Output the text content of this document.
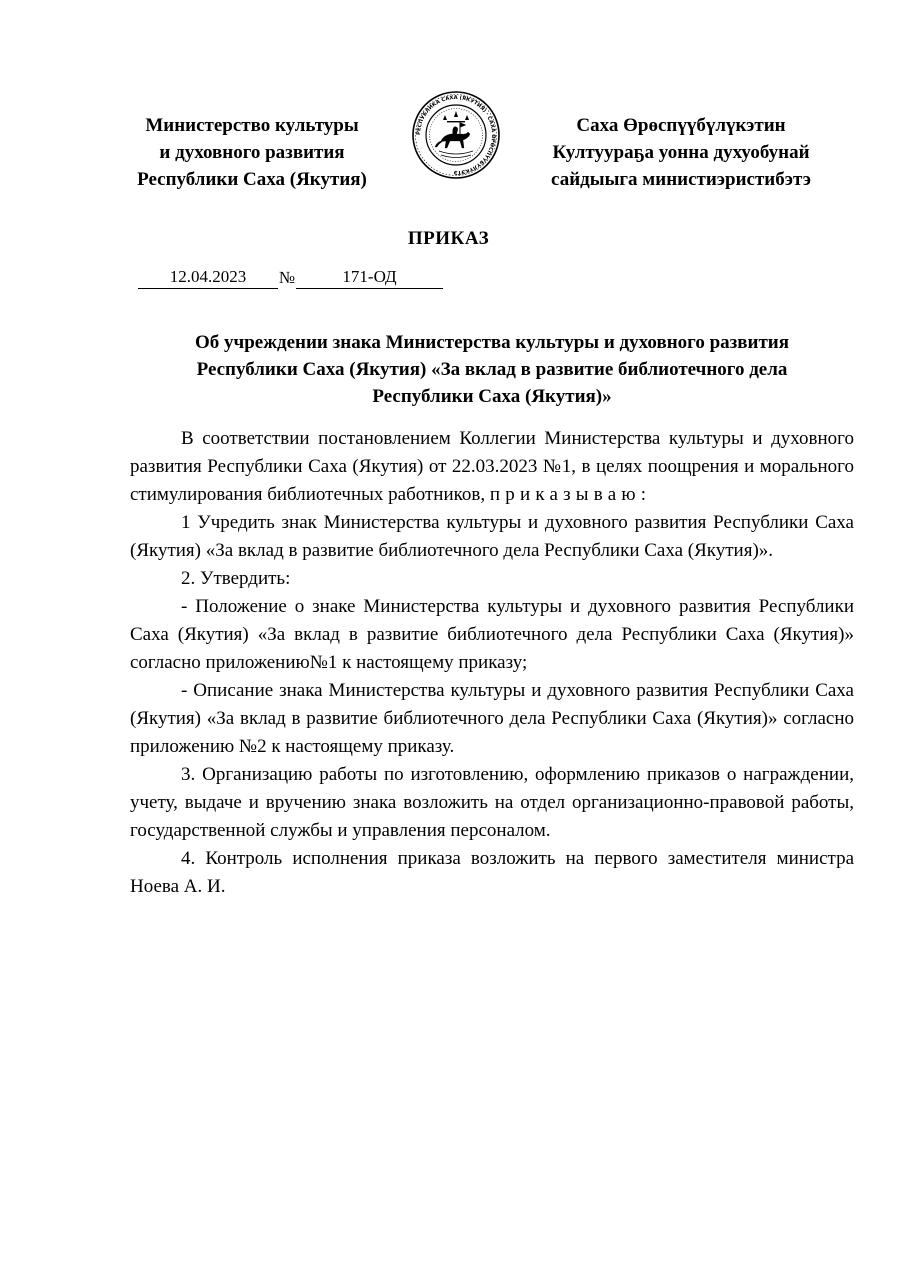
Министерство культуры
и духовного развития
Республики Саха (Якутия)
РЕСПУБЛИКА САХА (ЯКУТИЯ) · САХА ӨРӨСПҮҮБҮЛҮКЭТЭ
Саха Өрөспүүбүлүкэтин
Култуураҕа уонна духуобунай
сайдыыга министиэристибэтэ
ПРИКАЗ
12.04.2023 №	171-ОД
Об учреждении знака Министерства культуры и духовного развития
Республики Саха (Якутия) «За вклад в развитие библиотечного дела
Республики Саха (Якутия)»

В соответствии постановлением Коллегии Министерства культуры и духовного развития Республики Саха (Якутия) от 22.03.2023 №1, в целях поощрения и морального стимулирования библиотечных работников, приказываю:

1 Учредить знак Министерства культуры и духовного развития Республики Саха (Якутия) «За вклад в развитие библиотечного дела Республики Саха (Якутия)».

2. Утвердить:

- Положение о знаке Министерства культуры и духовного развития Республики Саха (Якутия) «За вклад в развитие библиотечного дела Республики Саха (Якутия)» согласно приложению№1 к настоящему приказу;

- Описание знака Министерства культуры и духовного развития Республики Саха (Якутия) «За вклад в развитие библиотечного дела Республики Саха (Якутия)» согласно приложению №2 к настоящему приказу.

3. Организацию работы по изготовлению, оформлению приказов о награждении, учету, выдаче и вручению знака возложить на отдел организационно-правовой работы, государственной службы и управления персоналом.

4. Контроль исполнения приказа возложить на первого заместителя министра Ноева А. И.
